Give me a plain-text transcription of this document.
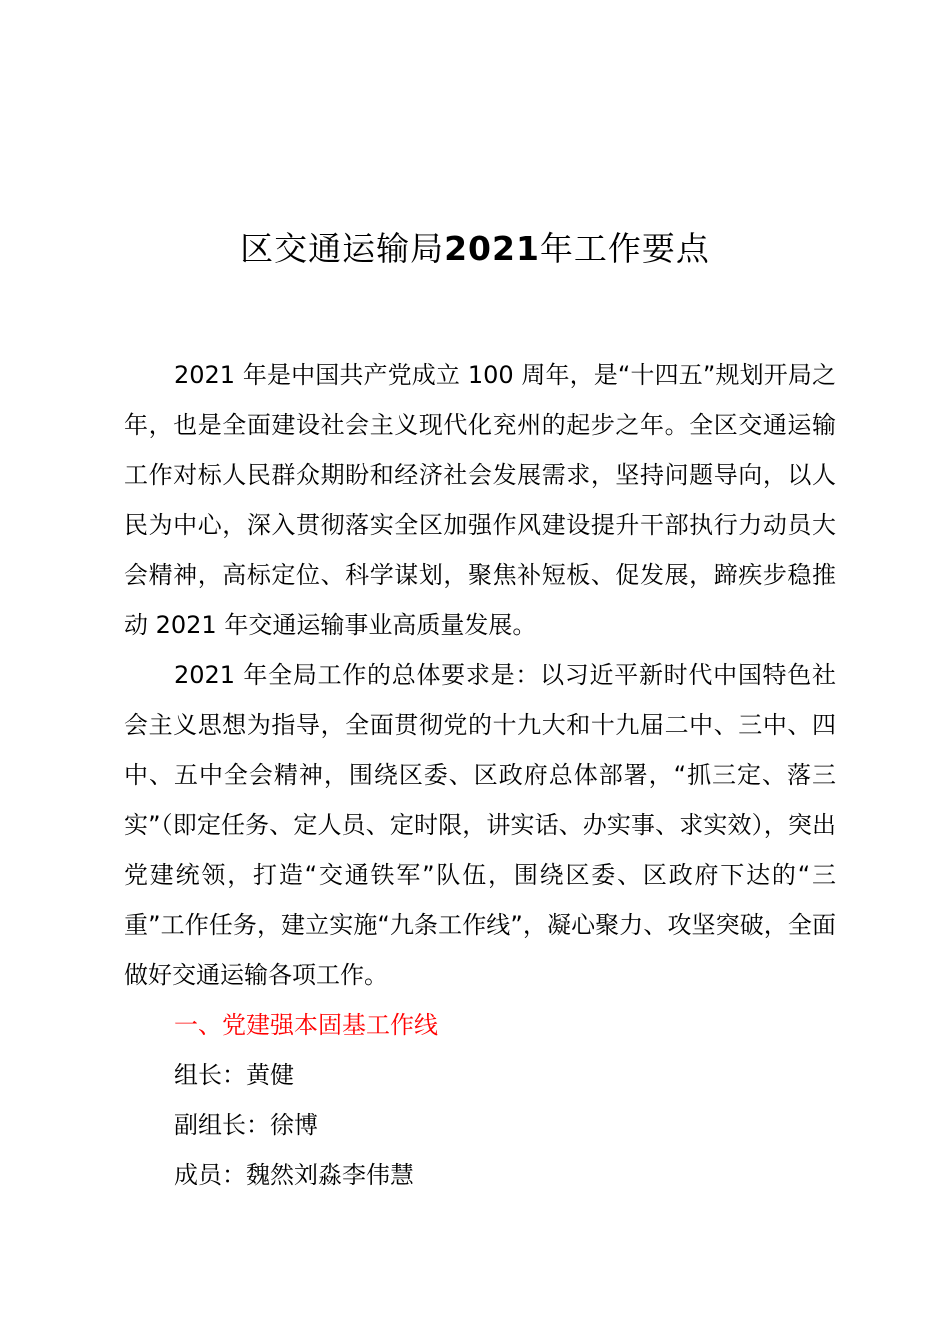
区交通运输局2021年工作要点

2021 年是中国共产党成立 100 周年，是“十四五”规划开局之年，也是全面建设社会主义现代化兖州的起步之年。全区交通运输工作对标人民群众期盼和经济社会发展需求，坚持问题导向，以人民为中心，深入贯彻落实全区加强作风建设提升干部执行力动员大会精神，高标定位、科学谋划，聚焦补短板、促发展，蹄疾步稳推动 2021 年交通运输事业高质量发展。

2021 年全局工作的总体要求是：以习近平新时代中国特色社会主义思想为指导，全面贯彻党的十九大和十九届二中、三中、四中、五中全会精神，围绕区委、区政府总体部署，“抓三定、落三实”（即定任务、定人员、定时限，讲实话、办实事、求实效），突出党建统领，打造“交通铁军”队伍，围绕区委、区政府下达的“三重”工作任务，建立实施“九条工作线”，凝心聚力、攻坚突破，全面做好交通运输各项工作。

一、党建强本固基工作线

组长：黄健

副组长：徐博

成员：魏然刘淼李伟慧
